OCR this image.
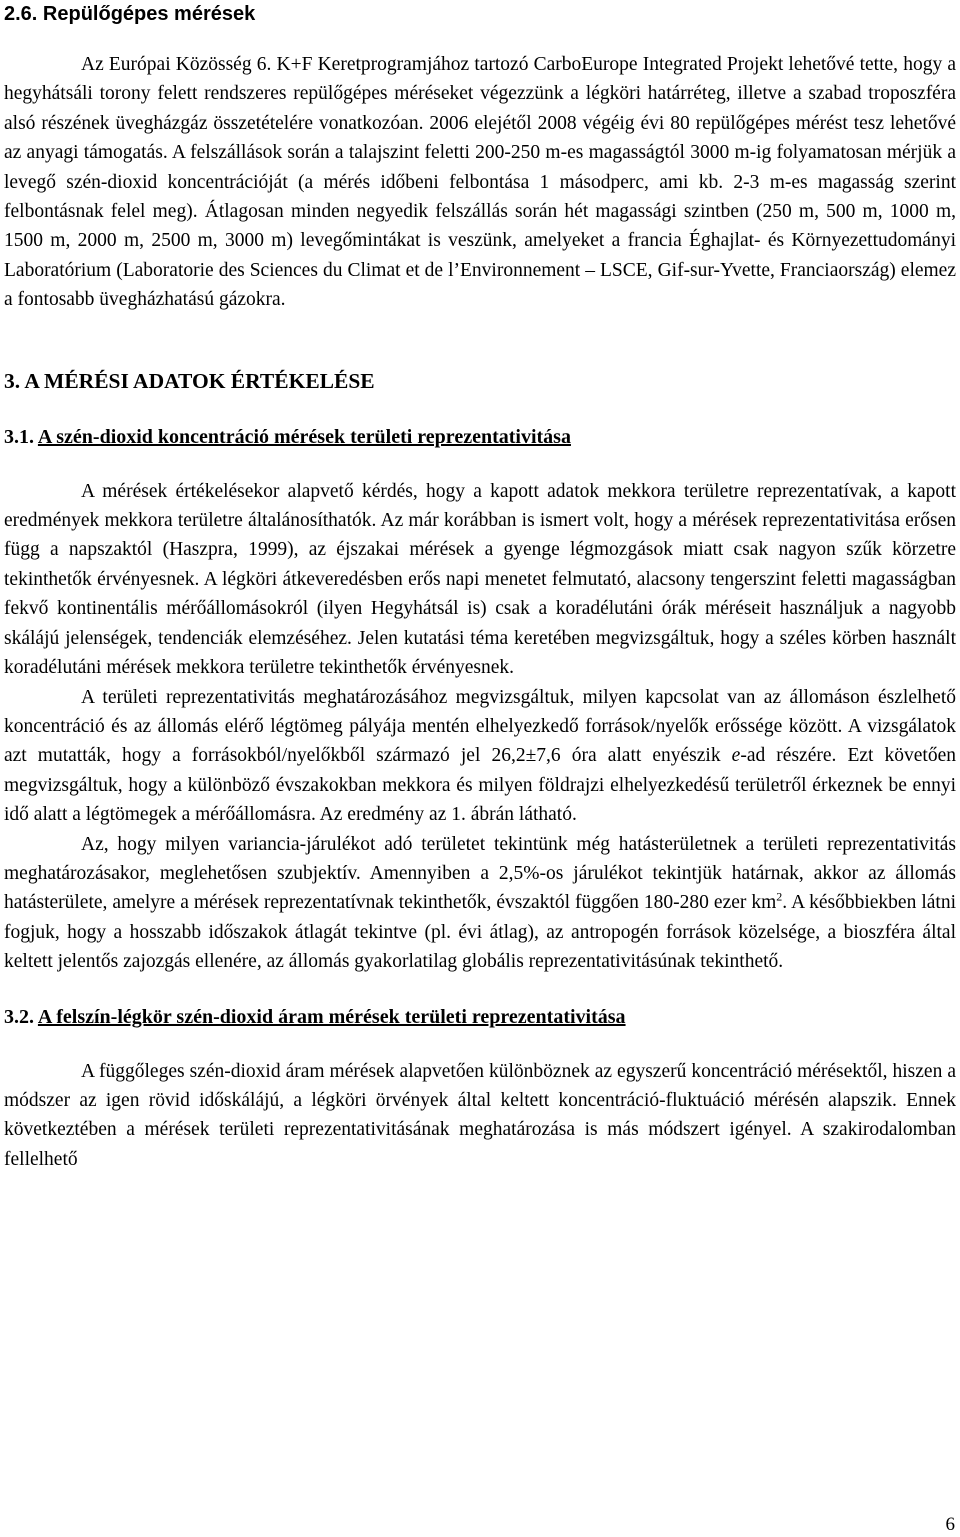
2.6. Repülőgépes mérések

Az Európai Közösség 6. K+F Keretprogramjához tartozó CarboEurope Integrated Projekt lehetővé tette, hogy a hegyhátsáli torony felett rendszeres repülőgépes méréseket végezzünk a légköri határréteg, illetve a szabad troposzféra alsó részének üvegházgáz összetételére vonatkozóan. 2006 elejétől 2008 végéig évi 80 repülőgépes mérést tesz lehetővé az anyagi támogatás. A felszállások során a talajszint feletti 200-250 m-es magasságtól 3000 m-ig folyamatosan mérjük a levegő szén-dioxid koncentrációját (a mérés időbeni felbontása 1 másodperc, ami kb. 2-3 m-es magasság szerint felbontásnak felel meg). Átlagosan minden negyedik felszállás során hét magassági szintben (250 m, 500 m, 1000 m, 1500 m, 2000 m, 2500 m, 3000 m) levegőmintákat is veszünk, amelyeket a francia Éghajlat- és Környezettudományi Laboratórium (Laboratorie des Sciences du Climat et de l’Environnement – LSCE, Gif-sur-Yvette, Franciaország) elemez a fontosabb üvegházhatású gázokra.

3. A MÉRÉSI ADATOK ÉRTÉKELÉSE
3.1. A szén-dioxid koncentráció mérések területi reprezentativitása

A mérések értékelésekor alapvető kérdés, hogy a kapott adatok mekkora területre reprezentatívak, a kapott eredmények mekkora területre általánosíthatók. Az már korábban is ismert volt, hogy a mérések reprezentativitása erősen függ a napszaktól (Haszpra, 1999), az éjszakai mérések a gyenge légmozgások miatt csak nagyon szűk körzetre tekinthetők érvényesnek. A légköri átkeveredésben erős napi menetet felmutató, alacsony tengerszint feletti magasságban fekvő kontinentális mérőállomásokról (ilyen Hegyhátsál is) csak a koradélutáni órák méréseit használjuk a nagyobb skálájú jelenségek, tendenciák elemzéséhez. Jelen kutatási téma keretében megvizsgáltuk, hogy a széles körben használt koradélutáni mérések mekkora területre tekinthetők érvényesnek.

A területi reprezentativitás meghatározásához megvizsgáltuk, milyen kapcsolat van az állomáson észlelhető koncentráció és az állomás elérő légtömeg pályája mentén elhelyezkedő források/nyelők erőssége között. A vizsgálatok azt mutatták, hogy a forrásokból/nyelőkből származó jel 26,2±7,6 óra alatt enyészik e-ad részére. Ezt követően megvizsgáltuk, hogy a különböző évszakokban mekkora és milyen földrajzi elhelyezkedésű területről érkeznek be ennyi idő alatt a légtömegek a mérőállomásra. Az eredmény az 1. ábrán látható.

Az, hogy milyen variancia-járulékot adó területet tekintünk még hatásterületnek a területi reprezentativitás meghatározásakor, meglehetősen szubjektív. Amennyiben a 2,5%-os járulékot tekintjük határnak, akkor az állomás hatásterülete, amelyre a mérések reprezentatívnak tekinthetők, évszaktól függően 180-280 ezer $km^2$. A későbbiekben látni fogjuk, hogy a hosszabb időszakok átlagát tekintve (pl. évi átlag), az antropogén források közelsége, a bioszféra által keltett jelentős zajozgás ellenére, az állomás gyakorlatilag globális reprezentativitásúnak tekinthető.

3.2. A felszín-légkör szén-dioxid áram mérések területi reprezentativitása

A függőleges szén-dioxid áram mérések alapvetően különböznek az egyszerű koncentráció mérésektől, hiszen a módszer az igen rövid időskálájú, a légköri örvények által keltett koncentráció-fluktuáció mérésén alapszik. Ennek következtében a mérések területi reprezentativitásának meghatározása is más módszert igényel. A szakirodalomban fellelhető

6
